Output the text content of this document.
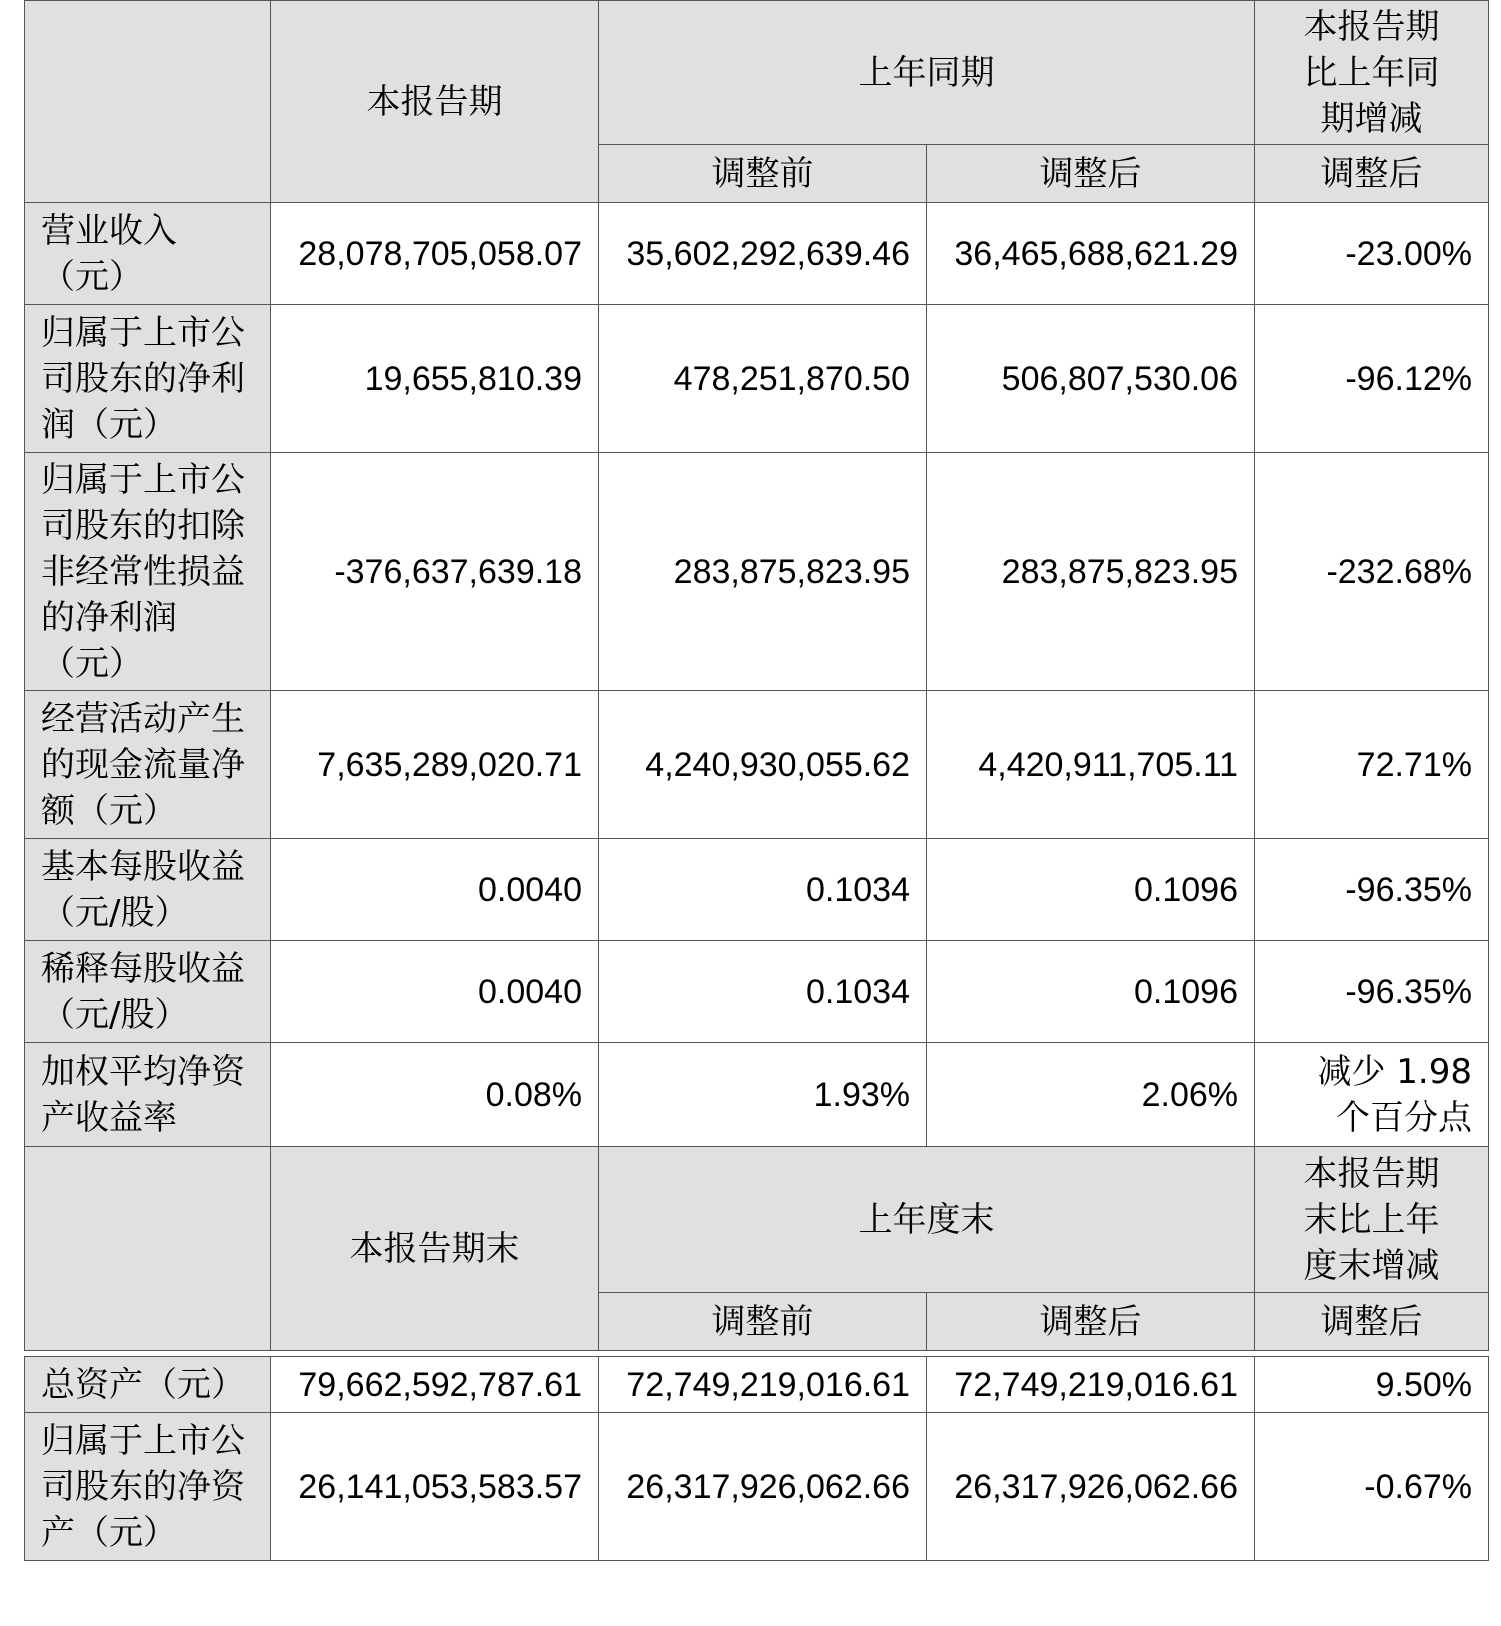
	本报告期	上年同期		本报告期
比上年同
期增减

		调整前	调整后	调整后

营业收入
（元）	28,078,705,058.07	35,602,292,639.46	36,465,688,621.29	-23.00%

归属于上市公
司股东的净利
润（元）	19,655,810.39	478,251,870.50	506,807,530.06	-96.12%

归属于上市公
司股东的扣除
非经常性损益
的净利润
（元）	-376,637,639.18	283,875,823.95	283,875,823.95	-232.68%

经营活动产生
的现金流量净
额（元）	7,635,289,020.71	4,240,930,055.62	4,420,911,705.11	72.71%

基本每股收益
（元/股）	0.0040	0.1034	0.1096	-96.35%

稀释每股收益
（元/股）	0.0040	0.1034	0.1096	-96.35%

加权平均净资
产收益率	0.08%	1.93%	2.06%	减少 1.98
个百分点

	本报告期末	上年度末		本报告期
末比上年
度末增减

		调整前	调整后	调整后
总资产（元）	79,662,592,787.61	72,749,219,016.61	72,749,219,016.61	9.50%

归属于上市公
司股东的净资
产（元）	26,141,053,583.57	26,317,926,062.66	26,317,926,062.66	-0.67%
